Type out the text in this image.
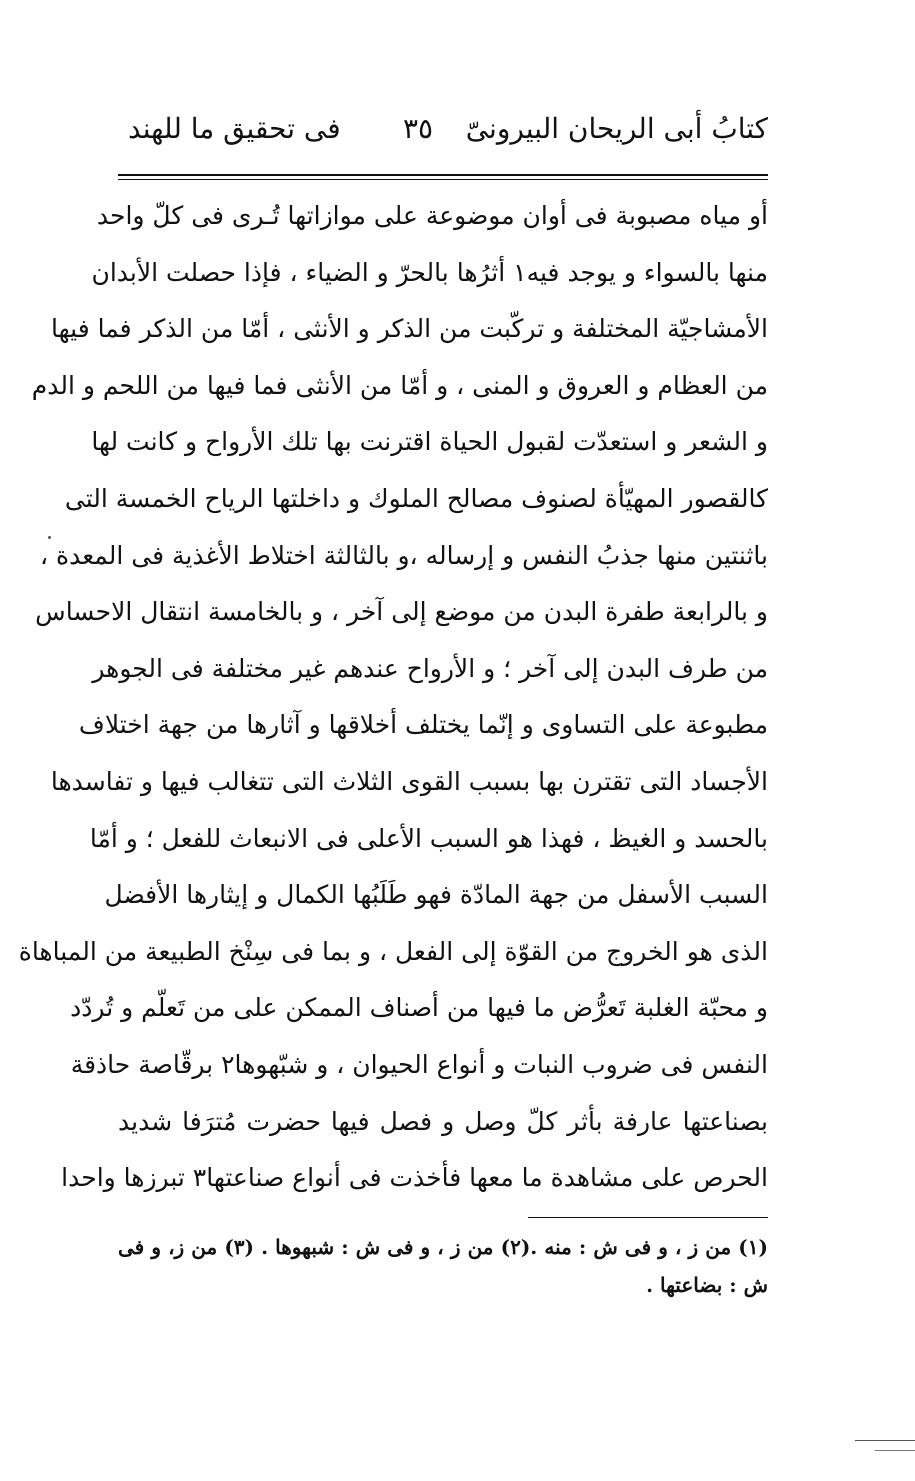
كتابُ أبى الريحان البيرونىّ
٣٥
فى تحقيق ما للهند
أو مياه مصبوبة فى أوان موضوعة على موازاتها تُـرى فى كلّ واحد
منها بالسواء و يوجد فيه١ أثرُها بالحرّ و الضياء ، فإذا حصلت الأبدان
الأمشاجيّة المختلفة و تركّبت من الذكر و الأنثى ، أمّا من الذكر فما فيها
من العظام و العروق و المنى ، و أمّا من الأنثى فما فيها من اللحم و الدم
و الشعر و استعدّت لقبول الحياة اقترنت بها تلك الأرواح و كانت لها
كالقصور المهيّأة لصنوف مصالح الملوك و داخلتها الرياح الخمسة التى
باثنتين منها جذبُ النفس و إرساله ،و بالثالثة اختلاط الأغذية فى المعدة ،
و بالرابعة طفرة البدن من موضع إلى آخر ، و بالخامسة انتقال الاحساس
من طرف البدن إلى آخر ؛ و الأرواح عندهم غير مختلفة فى الجوهر
مطبوعة على التساوى و إنّما يختلف أخلاقها و آثارها من جهة اختلاف
الأجساد التى تقترن بها بسبب القوى الثلاث التى تتغالب فيها و تفاسدها
بالحسد و الغيظ ، فهذا هو السبب الأعلى فى الانبعاث للفعل ؛ و أمّا
السبب الأسفل من جهة المادّة فهو طَلَبُها الكمال و إيثارها الأفضل
الذى هو الخروج من القوّة إلى الفعل ، و بما فى سِنْخ الطبيعة من المباهاة
و محبّة الغلبة تَعرُّض ما فيها من أصناف الممكن على من تَعلّم و تُردّد
النفس فى ضروب النبات و أنواع الحيوان ، و شبّهوها٢ برقّاصة حاذقة
بصناعتها عارفة بأثر كلّ وصل و فصل فيها حضرت مُترَفا شديد
الحرص على مشاهدة ما معها فأخذت فى أنواع صناعتها٣ تبرزها واحدا
(١) من ز ، و فى ش : منه .(٢) من ز ، و فى ش : شبهوها . (٣) من ز، و فى
ش : بضاعتها .
